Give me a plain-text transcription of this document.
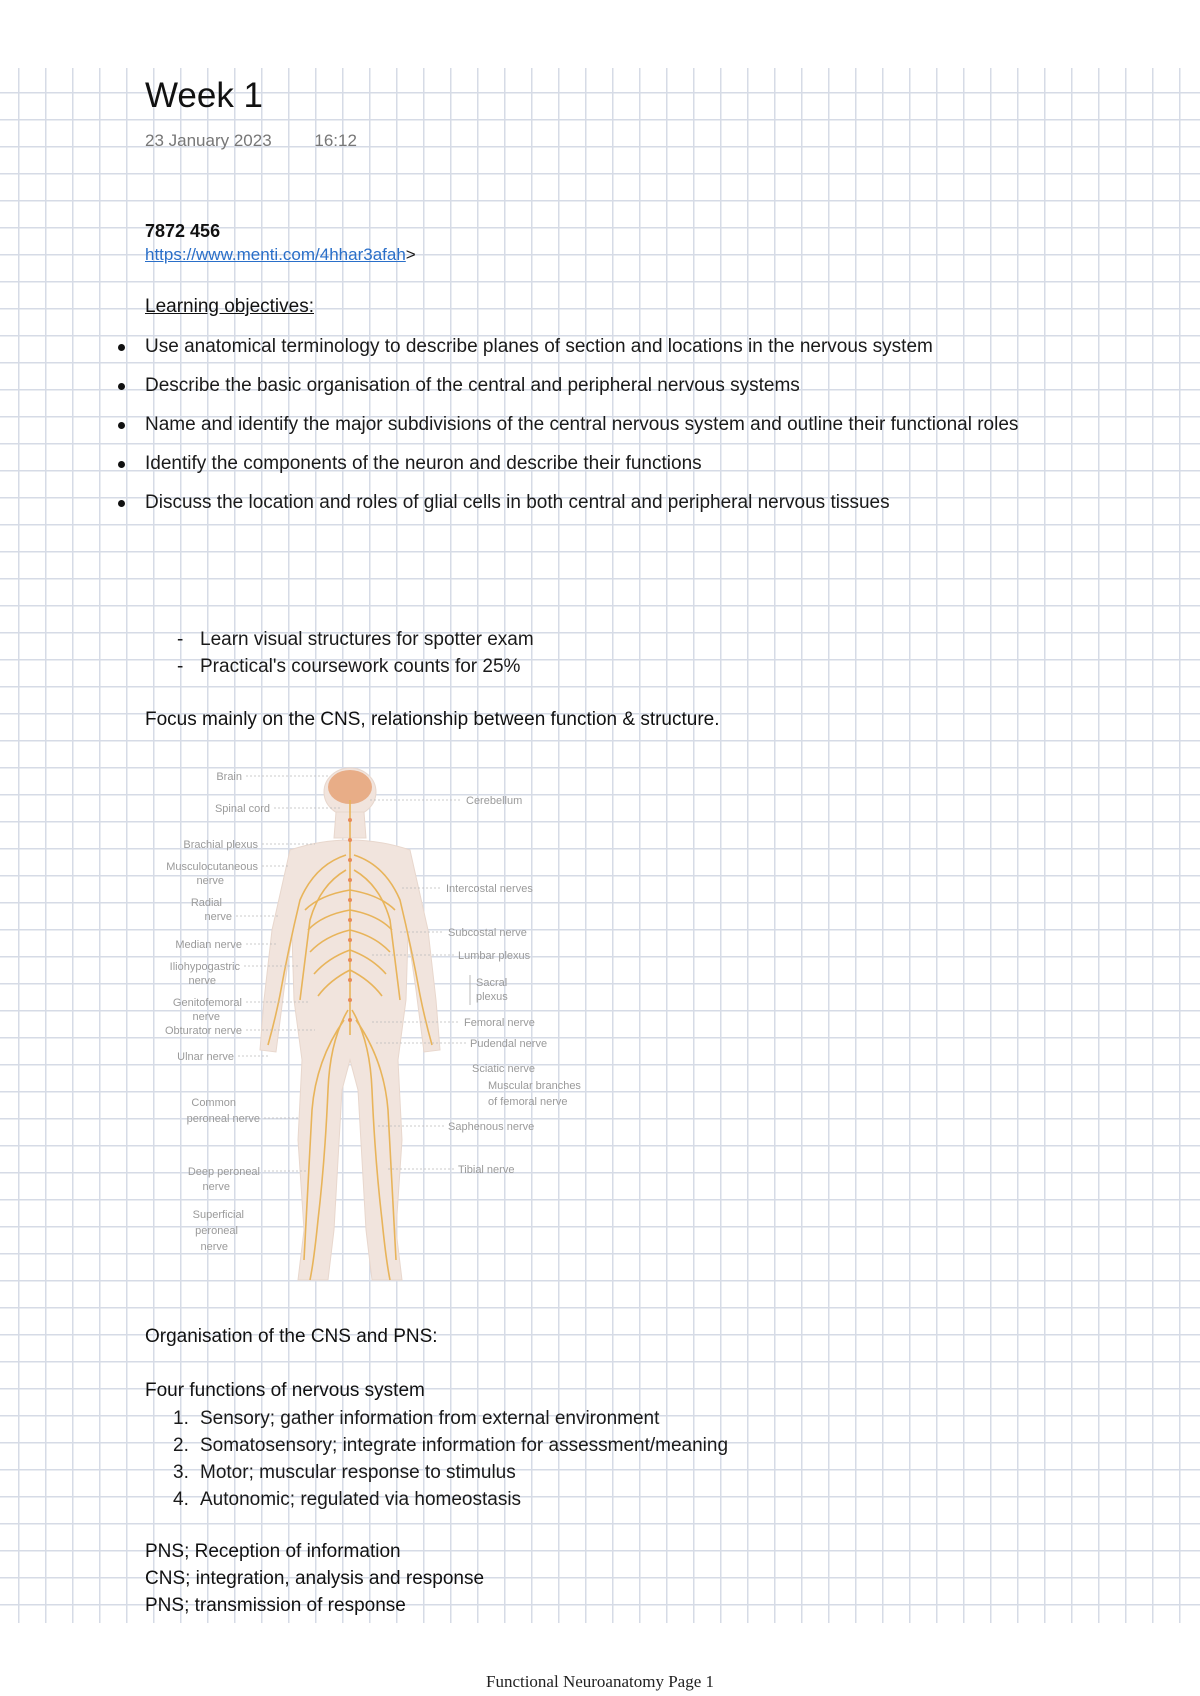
Week 1
23 January 2023	16:12
7872 456
https://www.menti.com/4hhar3afah>
Learning objectives:
Use anatomical terminology to describe planes of section and locations in the nervous system
Describe the basic organisation of the central and peripheral nervous systems
Name and identify the major subdivisions of the central nervous system and outline their functional roles
Identify the components of the neuron and describe their functions
Discuss the location and roles of glial cells in both central and peripheral nervous tissues
- Learn visual structures for spotter exam
- Practical's coursework counts for 25%
Focus mainly on the CNS, relationship between function & structure.
Brain
Spinal cord
Brachial plexus
Musculocutaneous
nerve
Radial
nerve
Median nerve
Iliohypogastric
nerve
Genitofemoral
nerve
Obturator nerve
Ulnar nerve
Common
peroneal nerve
Deep peroneal
nerve
Superficial
peroneal
nerve
Cerebellum
Intercostal nerves
Subcostal nerve
Lumbar plexus
Sacral
plexus
Femoral nerve
Pudendal nerve
Sciatic nerve
Muscular branches
of femoral nerve
Saphenous nerve
Tibial nerve
Organisation of the CNS and PNS:
Four functions of nervous system
1. Sensory; gather information from external environment
2. Somatosensory; integrate information for assessment/meaning
3. Motor; muscular response to stimulus
4. Autonomic; regulated via homeostasis
PNS; Reception of information
CNS; integration, analysis and response
PNS; transmission of response
Functional Neuroanatomy Page 1
